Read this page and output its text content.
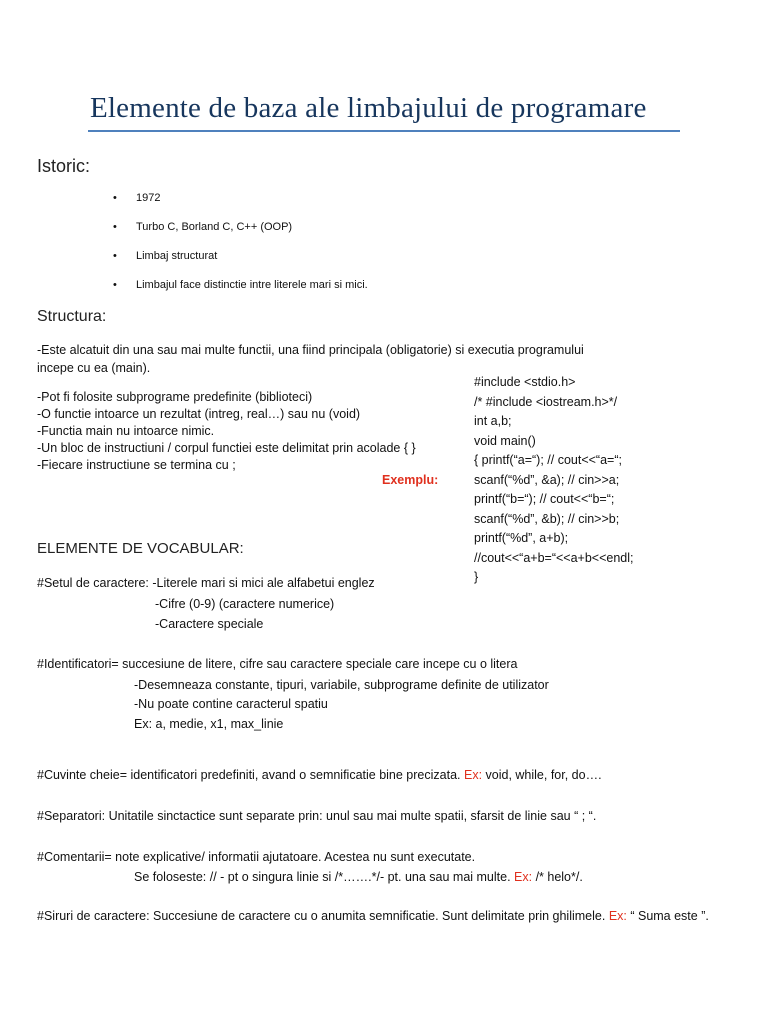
Elemente de baza ale limbajului de programare
Istoric:
• 1972
• Turbo C, Borland C, C++ (OOP)
• Limbaj structurat
• Limbajul face distinctie intre literele mari si mici.
Structura:
-Este alcatuit din una sau mai multe functii, una fiind principala (obligatorie) si executia programului
incepe cu ea (main).
-Pot fi folosite subprograme predefinite (biblioteci)
-O functie intoarce un rezultat (intreg, real…) sau nu (void)
-Functia main nu intoarce nimic.
-Un bloc de instructiuni / corpul functiei este delimitat prin acolade { }
-Fiecare instructiune se termina cu ;
Exemplu:
#include <stdio.h>
/* #include <iostream.h>*/
int a,b;
void main()
{ printf(“a=“); // cout<<“a=“;
scanf(“%d”, &a); // cin>>a;
printf(“b=“); // cout<<“b=“;
scanf(“%d”, &b); // cin>>b;
printf(“%d”, a+b);
//cout<<“a+b=“<<a+b<<endl;
}
ELEMENTE DE VOCABULAR:
#Setul de caractere: -Literele mari si mici ale alfabetui englez
-Cifre (0-9) (caractere numerice)
-Caractere speciale
#Identificatori= succesiune de litere, cifre sau caractere speciale care incepe cu o litera
-Desemneaza constante, tipuri, variabile, subprograme definite de utilizator
-Nu poate contine caracterul spatiu
Ex: a, medie, x1, max_linie
#Cuvinte cheie= identificatori predefiniti, avand o semnificatie bine precizata. Ex: void, while, for, do….
#Separatori: Unitatile sinctactice sunt separate prin: unul sau mai multe spatii, sfarsit de linie sau “ ; “.
#Comentarii= note explicative/ informatii ajutatoare. Acestea nu sunt executate.
Se foloseste: // - pt o singura linie si /*…….*/- pt. una sau mai multe. Ex: /* helo*/.
#Siruri de caractere: Succesiune de caractere cu o anumita semnificatie. Sunt delimitate prin ghilimele. Ex: “ Suma este ”.
